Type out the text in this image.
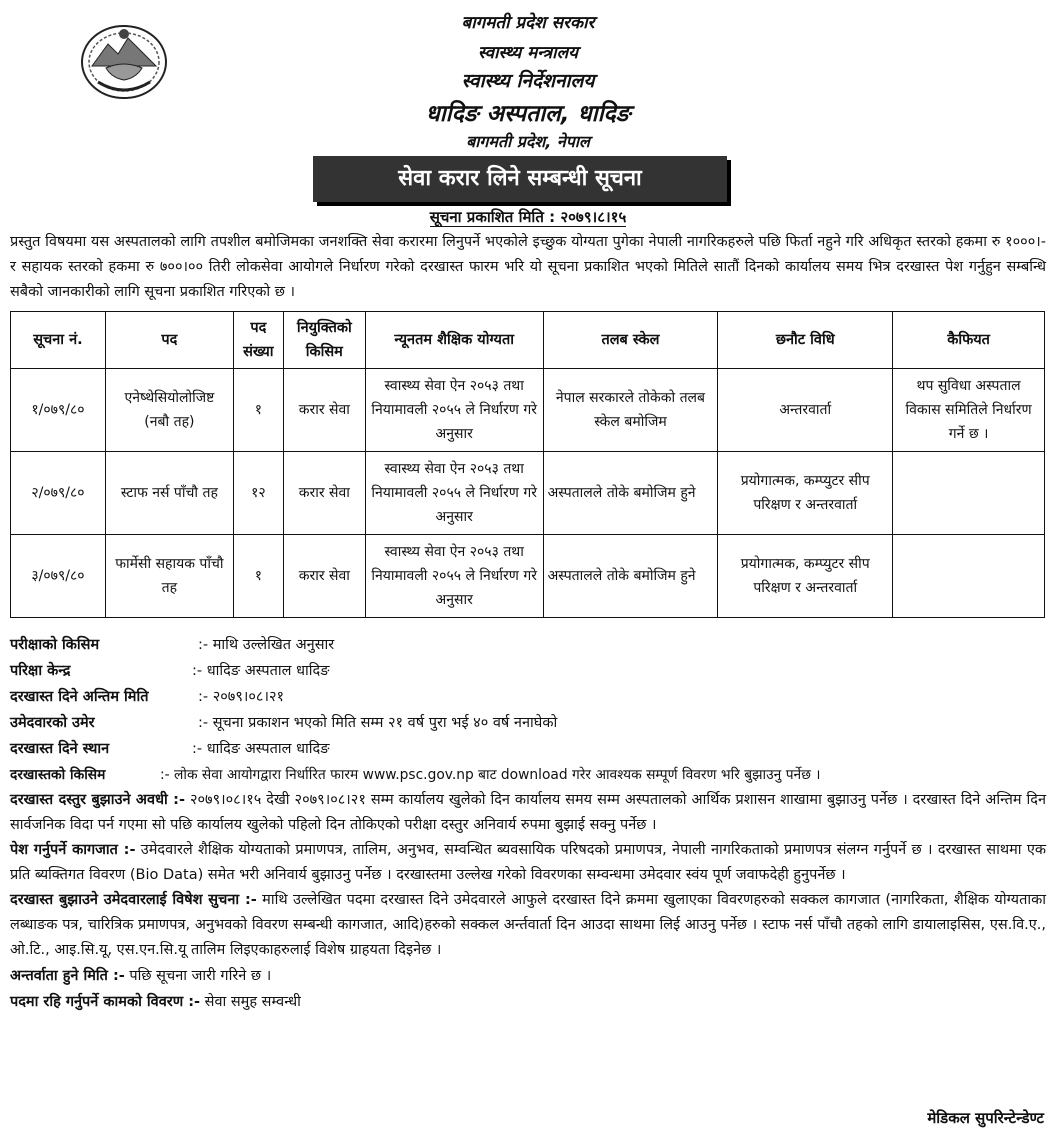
बागमती प्रदेश सरकार
स्वास्थ्य मन्त्रालय
स्वास्थ्य निर्देशनालय
धादिङ अस्पताल, धादिङ
बागमती प्रदेश, नेपाल
सेवा करार लिने सम्बन्धी सूचना
सूचना प्रकाशित मिति : २०७९।८।१५
प्रस्तुत विषयमा यस अस्पतालको लागि तपशील बमोजिमका जनशक्ति सेवा करारमा लिनुपर्ने भएकोले इच्छुक योग्यता पुगेका नेपाली नागरिकहरुले पछि फिर्ता नहुने गरि अधिकृत स्तरको हकमा रु १०००।- र सहायक स्तरको हकमा रु ७००।०० तिरी लोकसेवा आयोगले निर्धारण गरेको दरखास्त फारम भरि यो सूचना प्रकाशित भएको मितिले सातौं दिनको कार्यालय समय भित्र दरखास्त पेश गर्नुहुन सम्बन्धि सबैको जानकारीको लागि सूचना प्रकाशित गरिएको छ ।
सूचना नं.	पद	पद संख्या	नियुक्तिको किसिम	न्यूनतम शैक्षिक योग्यता	तलब स्केल	छनौट विधि	कैफियत
१/०७९/८०	एनेष्थेसियोलोजिष्ट (नबौ तह)	१	करार सेवा	स्वास्थ्य सेवा ऐन २०५३ तथा नियामावली २०५५ ले निर्धारण गरे अनुसार	नेपाल सरकारले तोकेको तलब स्केल बमोजिम	अन्तरवार्ता	थप सुविधा अस्पताल विकास समितिले निर्धारण गर्ने छ ।
२/०७९/८०	स्टाफ नर्स पाँचौ तह	१२	करार सेवा	स्वास्थ्य सेवा ऐन २०५३ तथा नियामावली २०५५ ले निर्धारण गरे अनुसार	अस्पतालले तोके बमोजिम हुने	प्रयोगात्मक, कम्प्युटर सीप परिक्षण र अन्तरवार्ता	
३/०७९/८०	फार्मेसी सहायक पाँचौ तह	१	करार सेवा	स्वास्थ्य सेवा ऐन २०५३ तथा नियामावली २०५५ ले निर्धारण गरे अनुसार	अस्पतालले तोके बमोजिम हुने	प्रयोगात्मक, कम्प्युटर सीप परिक्षण र अन्तरवार्ता	
परीक्षाको किसिम	:- माथि उल्लेखित अनुसार
परिक्षा केन्द्र	:- धादिङ अस्पताल धादिङ
दरखास्त दिने अन्तिम मिति	:- २०७९।०८।२१
उमेदवारको उमेर	:- सूचना प्रकाशन भएको मिति सम्म २१ वर्ष पुरा भई ४० वर्ष ननाघेको
दरखास्त दिने स्थान	:- धादिङ अस्पताल धादिङ
दरखास्तको किसिम	:- लोक सेवा आयोगद्वारा निर्धारित फारम www.psc.gov.np बाट download गरेर आवश्यक सम्पूर्ण विवरण भरि बुझाउनु पर्नेछ ।
दरखास्त दस्तुर बुझाउने अवधी :- २०७९।०८।१५ देखी २०७९।०८।२१ सम्म कार्यालय खुलेको दिन कार्यालय समय सम्म अस्पतालको आर्थिक प्रशासन शाखामा बुझाउनु पर्नेछ । दरखास्त दिने अन्तिम दिन सार्वजनिक विदा पर्न गएमा सो पछि कार्यालय खुलेको पहिलो दिन तोकिएको परीक्षा दस्तुर अनिवार्य रुपमा बुझाई सक्नु पर्नेछ ।
पेश गर्नुपर्ने कागजात :- उमेदवारले शैक्षिक योग्यताको प्रमाणपत्र, तालिम, अनुभव, सम्वन्धित ब्यवसायिक परिषदको प्रमाणपत्र, नेपाली नागरिकताको प्रमाणपत्र संलग्न गर्नुपर्ने छ । दरखास्त साथमा एक प्रति ब्यक्तिगत विवरण (Bio Data) समेत भरी अनिवार्य बुझाउनु पर्नेछ । दरखास्तमा उल्लेख गरेको विवरणका सम्वन्धमा उमेदवार स्वंय पूर्ण जवाफदेही हुनुपर्नेछ ।
दरखास्त बुझाउने उमेदवारलाई विषेश सुचना :- माथि उल्लेखित पदमा दरखास्त दिने उमेदवारले आफुले दरखास्त दिने क्रममा खुलाएका विवरणहरुको सक्कल कागजात (नागरिकता, शैक्षिक योग्यताका लब्धाङक पत्र, चारित्रिक प्रमाणपत्र, अनुभवको विवरण सम्बन्धी कागजात, आदि)हरुको सक्कल अर्न्तवार्ता दिन आउदा साथमा लिई आउनु पर्नेछ । स्टाफ नर्स पाँचौ तहको लागि डायालाइसिस, एस.वि.ए., ओ.टि., आइ.सि.यू, एस.एन.सि.यू तालिम लिइएकाहरुलाई विशेष ग्राहयता दिइनेछ ।
अन्तर्वाता हुने मिति :- पछि सूचना जारी गरिने छ ।
पदमा रहि गर्नुपर्ने कामको विवरण :- सेवा समुह सम्वन्धी
मेडिकल सुपरिन्टेन्डेण्ट
